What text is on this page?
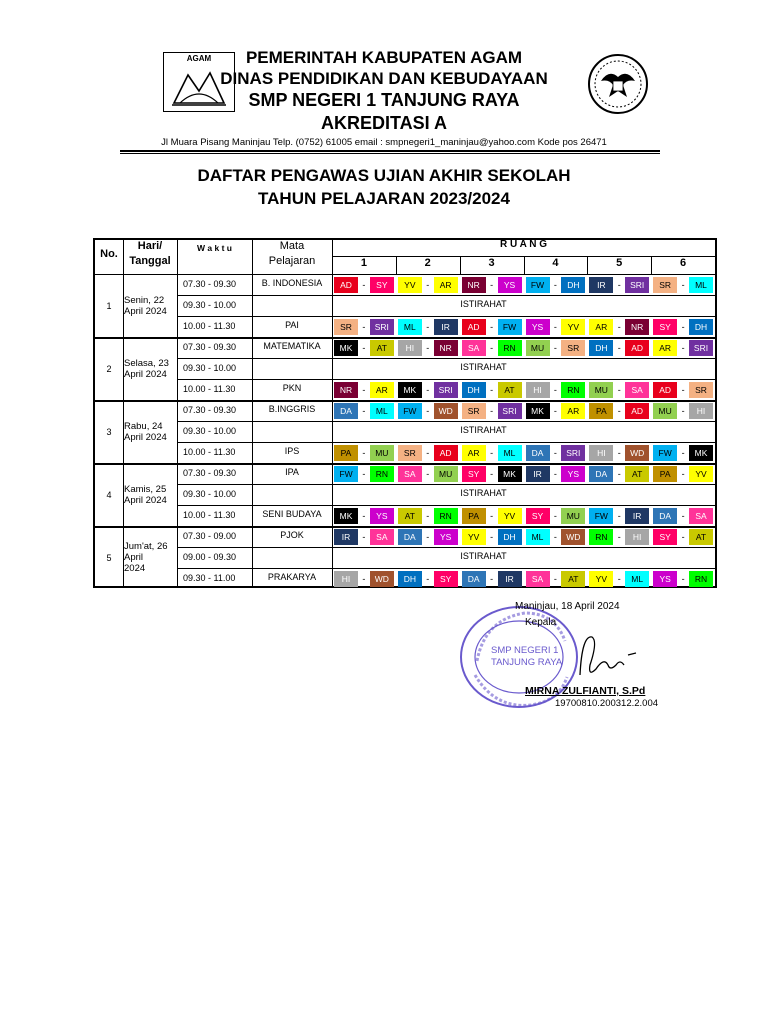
AGAM	PEMERINTAH KABUPATEN AGAM
DINAS PENDIDIKAN DAN KEBUDAYAAN
SMP NEGERI 1 TANJUNG RAYA
AKREDITASI A
Jl Muara Pisang Maninjau Telp. (0752) 61005 email : smpnegeri1_maninjau@yahoo.com Kode pos 26471
DAFTAR PENGAWAS UJIAN AKHIR SEKOLAH
TAHUN PELAJARAN 2023/2024
No.
Hari/
Tanggal
W a k t u	Mata
Pelajaran
R U A N G
1	2	3	4	5	6
1	Senin, 22
April 2024
07.30 - 09.30	B. INDONESIA	AD	-	SY	YV	-	AR	NR	-	YS	FW	-	DH	IR	-	SRI	SR	-	ML
09.30 - 10.00	ISTIRAHAT
10.00 - 11.30	PAI	SR	-	SRI	ML	-	IR	AD	-	FW	YS	-	YV	AR	-	NR	SY	-	DH
2	Selasa, 23
April 2024
07.30 - 09.30	MATEMATIKA	MK	-	AT	HI	-	NR	SA	-	RN	MU	-	SR	DH	-	AD	AR	-	SRI
09.30 - 10.00	ISTIRAHAT
10.00 - 11.30	PKN	NR	-	AR	MK	-	SRI	DH	-	AT	HI	-	RN	MU	-	SA	AD	-	SR
3	Rabu, 24
April 2024
07.30 - 09.30	B.INGGRIS	DA	-	ML	FW	-	WD	SR	-	SRI	MK	-	AR	PA	-	AD	MU	-	HI
09.30 - 10.00	ISTIRAHAT
10.00 - 11.30	IPS	PA	-	MU	SR	-	AD	AR	-	ML	DA	-	SRI	HI	-	WD	FW	-	MK
4	Kamis, 25
April 2024
07.30 - 09.30	IPA	FW	-	RN	SA	-	MU	SY	-	MK	IR	-	YS	DA	-	AT	PA	-	YV
09.30 - 10.00	ISTIRAHAT
10.00 - 11.30	SENI BUDAYA	MK	-	YS	AT	-	RN	PA	-	YV	SY	-	MU	FW	-	IR	DA	-	SA
5
Jum'at, 26
April
2024
07.30 - 09.00	PJOK	IR	-	SA	DA	-	YS	YV	-	DH	ML	-	WD	RN	-	HI	SY	-	AT
09.00 - 09.30	ISTIRAHAT
09.30 - 11.00	PRAKARYA	HI	-	WD	DH	-	SY	DA	-	IR	SA	-	AT	YV	-	ML	YS	-	RN
SMP NEGERI 1
TANJUNG RAYA
Maninjau, 18 April 2024
Kepala
MIRNA ZULFIANTI, S.Pd
19700810.200312.2.004
